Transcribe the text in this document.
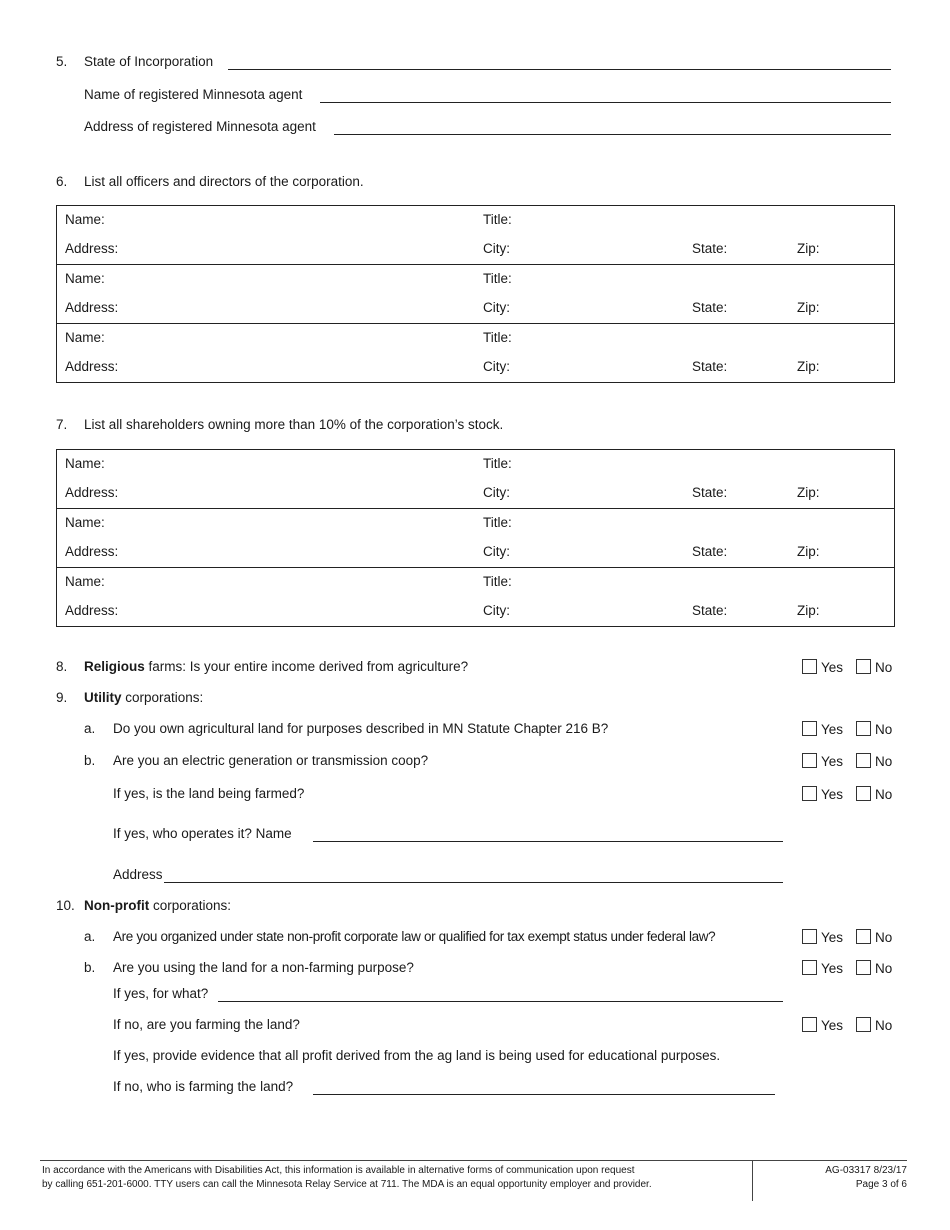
5. State of Incorporation
Name of registered Minnesota agent
Address of registered Minnesota agent
6. List all officers and directors of the corporation.
Name:	Title:
Address:	City:	State:	Zip:
Name:	Title:
Address:	City:	State:	Zip:
Name:	Title:
Address:	City:	State:	Zip:
7. List all shareholders owning more than 10% of the corporation’s stock.
Name:	Title:
Address:	City:	State:	Zip:
Name:	Title:
Address:	City:	State:	Zip:
Name:	Title:
Address:	City:	State:	Zip:
8. Religious farms: Is your entire income derived from agriculture?	Yes	No
9. Utility corporations:
a. Do you own agricultural land for purposes described in MN Statute Chapter 216 B?	Yes	No
b. Are you an electric generation or transmission coop?	Yes	No
If yes, is the land being farmed?	Yes	No
If yes, who operates it? Name
Address
10. Non-profit corporations:
a. Are you organized under state non-profit corporate law or qualified for tax exempt status under federal law?	Yes	No
b. Are you using the land for a non-farming purpose?	Yes	No
If yes, for what?
If no, are you farming the land?	Yes	No
If yes, provide evidence that all profit derived from the ag land is being used for educational purposes.
If no, who is farming the land?
In accordance with the Americans with Disabilities Act, this information is available in alternative forms of communication upon request
by calling 651-201-6000. TTY users can call the Minnesota Relay Service at 711. The MDA is an equal opportunity employer and provider.
AG-03317 8/23/17
Page 3 of 6
